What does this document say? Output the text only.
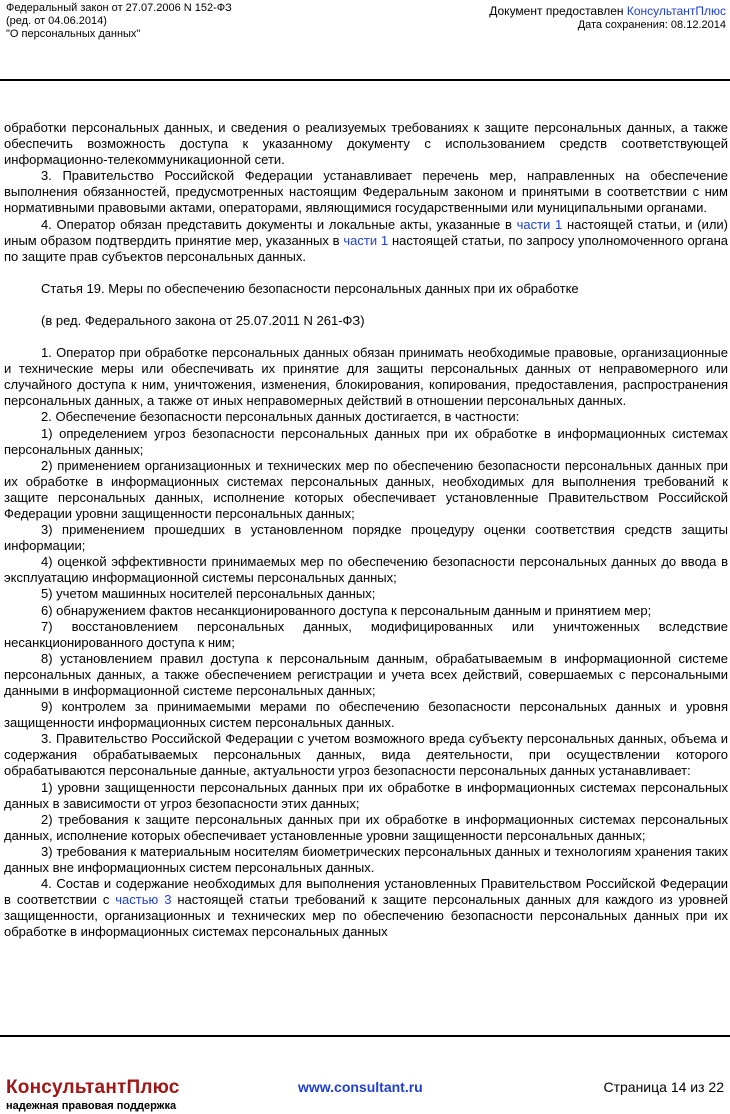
Федеральный закон от 27.07.2006 N 152-ФЗ
(ред. от 04.06.2014)
"О персональных данных"
Документ предоставлен КонсультантПлюс
Дата сохранения: 08.12.2014

обработки персональных данных, и сведения о реализуемых требованиях к защите персональных данных, а также обеспечить возможность доступа к указанному документу с использованием средств соответствующей информационно-телекоммуникационной сети.

3. Правительство Российской Федерации устанавливает перечень мер, направленных на обеспечение выполнения обязанностей, предусмотренных настоящим Федеральным законом и принятыми в соответствии с ним нормативными правовыми актами, операторами, являющимися государственными или муниципальными органами.

4. Оператор обязан представить документы и локальные акты, указанные в части 1 настоящей статьи, и (или) иным образом подтвердить принятие мер, указанных в части 1 настоящей статьи, по запросу уполномоченного органа по защите прав субъектов персональных данных.

Статья 19. Меры по обеспечению безопасности персональных данных при их обработке

(в ред. Федерального закона от 25.07.2011 N 261-ФЗ)

1. Оператор при обработке персональных данных обязан принимать необходимые правовые, организационные и технические меры или обеспечивать их принятие для защиты персональных данных от неправомерного или случайного доступа к ним, уничтожения, изменения, блокирования, копирования, предоставления, распространения персональных данных, а также от иных неправомерных действий в отношении персональных данных.

2. Обеспечение безопасности персональных данных достигается, в частности:

1) определением угроз безопасности персональных данных при их обработке в информационных системах персональных данных;

2) применением организационных и технических мер по обеспечению безопасности персональных данных при их обработке в информационных системах персональных данных, необходимых для выполнения требований к защите персональных данных, исполнение которых обеспечивает установленные Правительством Российской Федерации уровни защищенности персональных данных;

3) применением прошедших в установленном порядке процедуру оценки соответствия средств защиты информации;

4) оценкой эффективности принимаемых мер по обеспечению безопасности персональных данных до ввода в эксплуатацию информационной системы персональных данных;

5) учетом машинных носителей персональных данных;

6) обнаружением фактов несанкционированного доступа к персональным данным и принятием мер;

7) восстановлением персональных данных, модифицированных или уничтоженных вследствие несанкционированного доступа к ним;

8) установлением правил доступа к персональным данным, обрабатываемым в информационной системе персональных данных, а также обеспечением регистрации и учета всех действий, совершаемых с персональными данными в информационной системе персональных данных;

9) контролем за принимаемыми мерами по обеспечению безопасности персональных данных и уровня защищенности информационных систем персональных данных.

3. Правительство Российской Федерации с учетом возможного вреда субъекту персональных данных, объема и содержания обрабатываемых персональных данных, вида деятельности, при осуществлении которого обрабатываются персональные данные, актуальности угроз безопасности персональных данных устанавливает:

1) уровни защищенности персональных данных при их обработке в информационных системах персональных данных в зависимости от угроз безопасности этих данных;

2) требования к защите персональных данных при их обработке в информационных системах персональных данных, исполнение которых обеспечивает установленные уровни защищенности персональных данных;

3) требования к материальным носителям биометрических персональных данных и технологиям хранения таких данных вне информационных систем персональных данных.

4. Состав и содержание необходимых для выполнения установленных Правительством Российской Федерации в соответствии с частью 3 настоящей статьи требований к защите персональных данных для каждого из уровней защищенности, организационных и технических мер по обеспечению безопасности персональных данных при их обработке в информационных системах персональных данных

КонсультантПлюс
надежная правовая поддержка
www.consultant.ru	Страница 14 из 22
